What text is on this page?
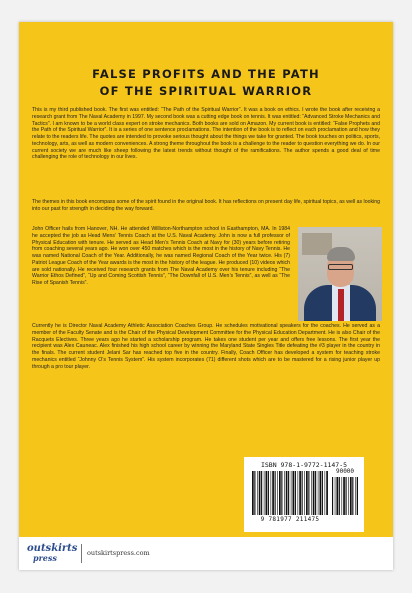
FALSE PROFITS AND THE PATH
OF THE SPIRITUAL WARRIOR

This is my third published book. The first was entitled: “The Path of the Spiritual Warrior”. It was a book on ethics. I wrote the book after receiving a research grant from The Naval Academy in 1997. My second book was a cutting edge book on tennis. It was entitled: “Advanced Stroke Mechanics and Tactics”. I am known to be a world class expert on stroke mechanics. Both books are sold on Amazon. My current book is entitled: “False Prophets and the Path of the Spiritual Warrior”. It is a series of one sentence proclamations. The intention of the book is to reflect on each proclamation and how they relate to the readers life. The quotes are intended to provoke serious thought about the things we take for granted. The book touches on politics, sports, technology, arts, as well as modern conveniences. A strong theme throughout the book is a challenge to the reader to question everything we do. In our current society we are much like sheep following the latest trends without thought of the ramifications. The author spends a good deal of time challenging the role of technology in our lives.

The themes in this book encompass some of the spirit found in the original book. It has reflections on present day life, spiritual topics, as well as looking into our past for strength in deciding the way forward.

John Officer hails from Hanover, NH. He attended Williston-Northampton school in Easthampton, MA. In 1984 he accepted the job as Head Mens’ Tennis Coach at the U.S. Naval Academy. John is now a full professor of Physical Education with tenure. He served as Head Men’s Tennis Coach at Navy for (30) years before retiring from coaching several years ago. He won over 450 matches which is the most in the history of Navy Tennis. He was named National Coach of the Year. Additionally, he was named Regional Coach of the Year twice. His (7) Patriot League Coach of the Year awards is the most in the history of the league. He produced (10) videos which are sold nationally. He received four research grants from The Naval Academy over his tenure including “The Warrior Ethos Defined”, “Up and Coming Scottish Tennis”, “The Downfall of U.S. Men’s Tennis”, as well as “The Rise of Spanish Tennis”.

Currently he is Director Naval Academy Athletic Association Coaches Group. He schedules motivational speakers for the coaches. He served as a member of the Faculty Senate and is the Chair of the Physical Development Committee for the Physical Education Department. He is also Chair of the Racquets Electives. Three years ago he started a scholarship program. He takes one student per year and offers free lessons. The first year the recipient was Alex Cauneac. Alex finished his high school career by winning the Maryland State Singles Title defeating the #3 player in the country in the finals. The current student Jelani Sar has reached top five in the country. Finally, Coach Officer has developed a system for teaching stroke mechanics entitled “Johnny O’s Tennis System”. His system incorporates (71) different shots which are to be mastered for a rising junior player up through a pro tour player.

ISBN 978-1-9772-1147-5
90000
9 781977 211475
outskirts
press	outskirtspress.com
